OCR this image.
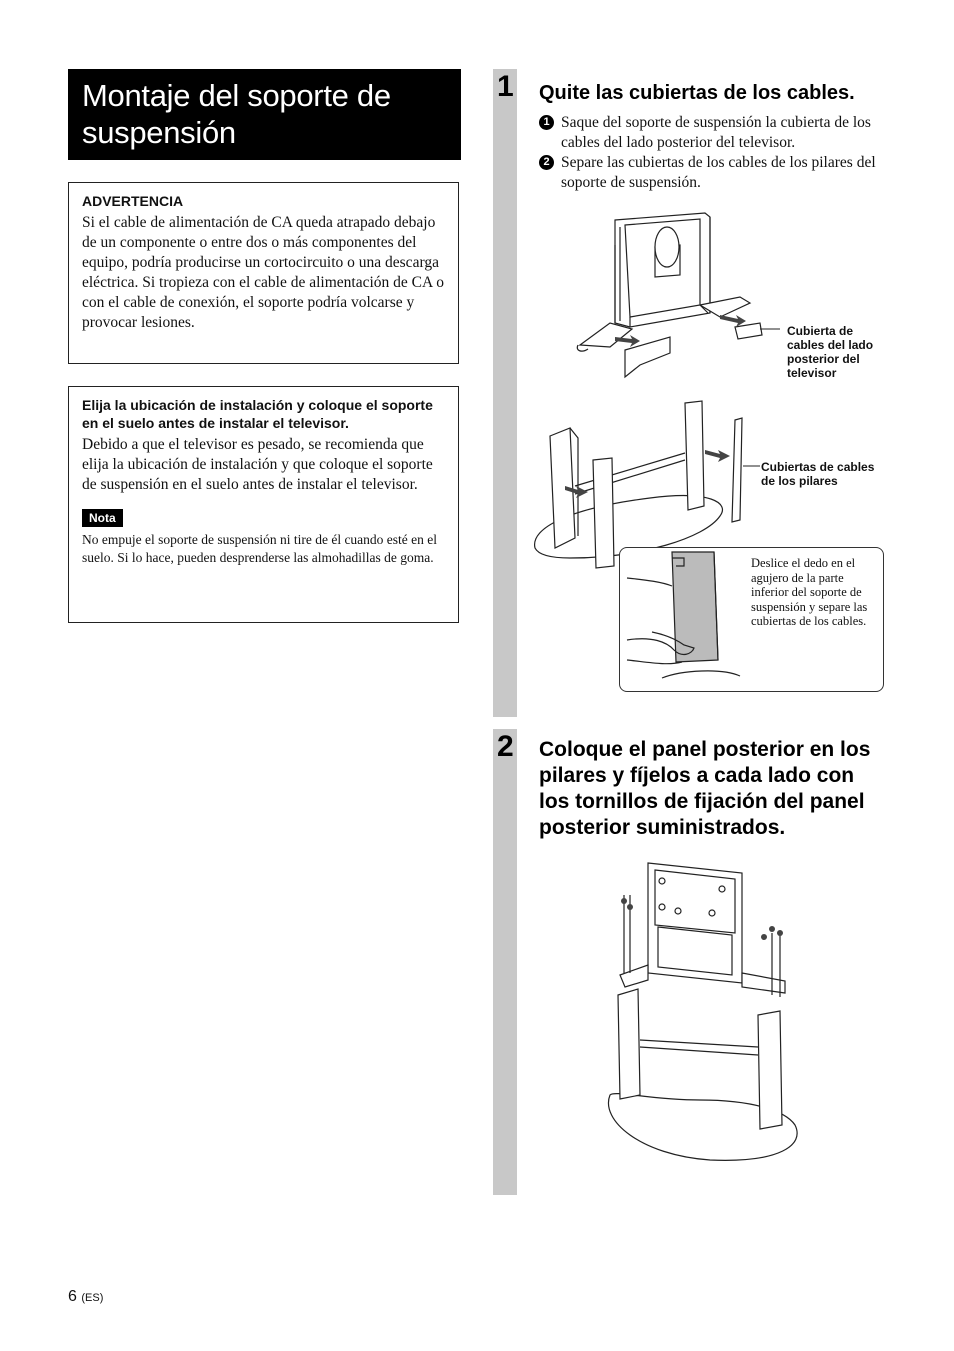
Montaje del soporte de suspensión
ADVERTENCIA

Si el cable de alimentación de CA queda atrapado debajo de un componente o entre dos o más componentes del equipo, podría producirse un cortocircuito o una descarga eléctrica. Si tropieza con el cable de alimentación de CA o con el cable de conexión, el soporte podría volcarse y provocar lesiones.

Elija la ubicación de instalación y coloque el soporte en el suelo antes de instalar el televisor.

Debido a que el televisor es pesado, se recomienda que elija la ubicación de instalación y que coloque el soporte de suspensión en el suelo antes de instalar el televisor.

Nota

No empuje el soporte de suspensión ni tire de él cuando esté en el suelo. Si lo hace, pueden desprenderse las almohadillas de goma.

1 Quite las cubiertas de los cables.
1 Saque del soporte de suspensión la cubierta de los cables del lado posterior del televisor.
2 Separe las cubiertas de los cables de los pilares del soporte de suspensión.
Cubierta de cables del lado posterior del televisor
Cubiertas de cables de los pilares
Deslice el dedo en el agujero de la parte inferior del soporte de suspensión y separe las cubiertas de los cables.
2 Coloque el panel posterior en los pilares y fíjelos a cada lado con los tornillos de fijación del panel posterior suministrados.
6 (ES)
